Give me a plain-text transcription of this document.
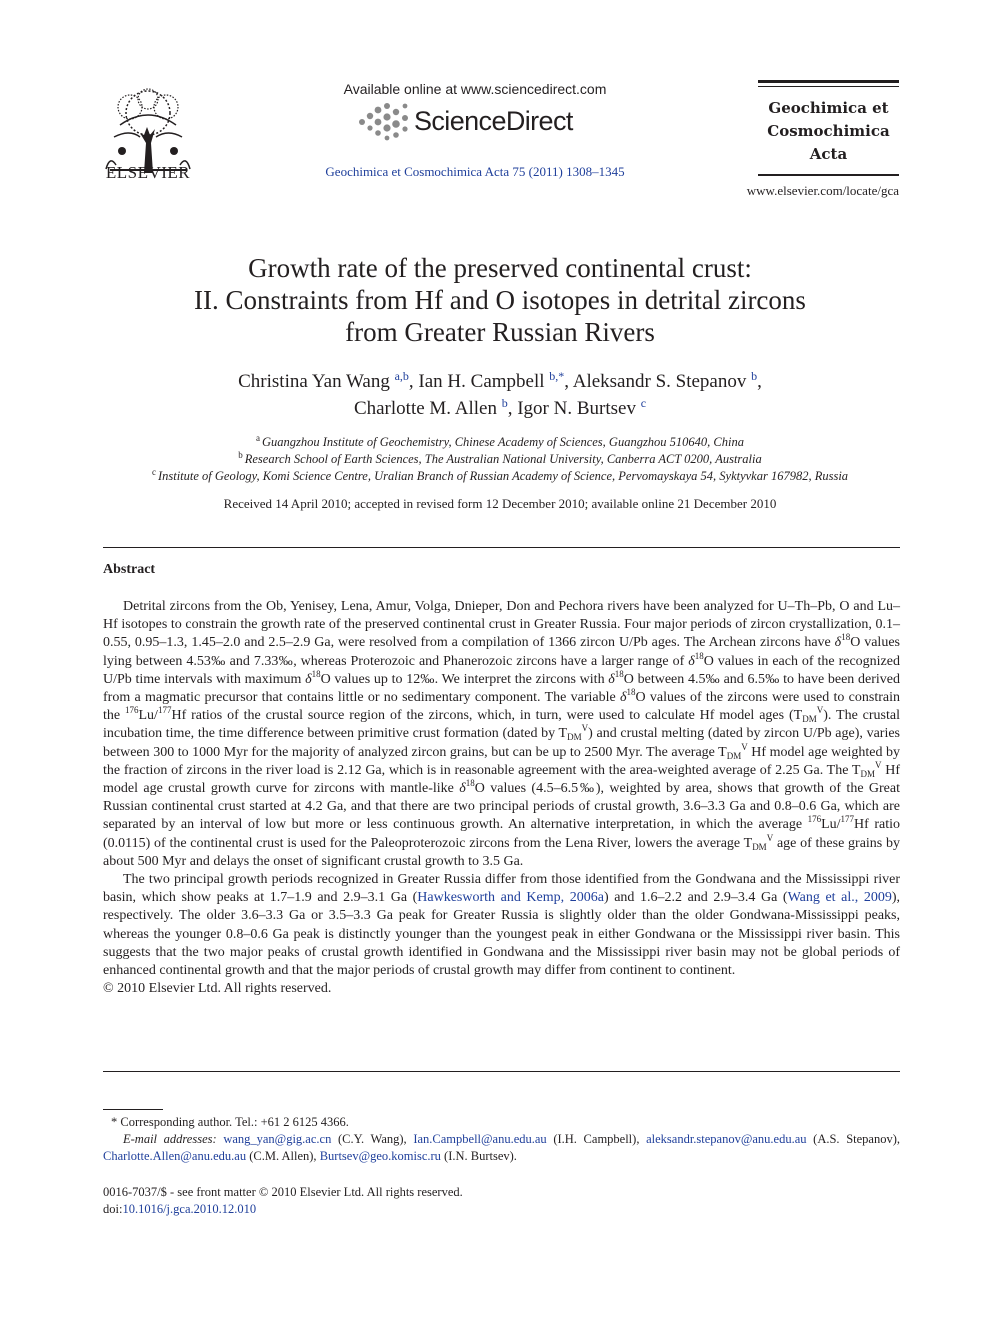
ELSEVIER
Available online at www.sciencedirect.com
ScienceDirect
Geochimica et Cosmochimica Acta 75 (2011) 1308–1345
Geochimica et
Cosmochimica
Acta
www.elsevier.com/locate/gca
Growth rate of the preserved continental crust:
II. Constraints from Hf and O isotopes in detrital zircons
from Greater Russian Rivers
Christina Yan Wang $^{a,b}$, Ian H. Campbell $^{b,*}$, Aleksandr S. Stepanov $^b$,
Charlotte M. Allen $^b$, Igor N. Burtsev $^c$
$^a$ Guangzhou Institute of Geochemistry, Chinese Academy of Sciences, Guangzhou 510640, China
$^b$ Research School of Earth Sciences, The Australian National University, Canberra ACT 0200, Australia
$^c$ Institute of Geology, Komi Science Centre, Uralian Branch of Russian Academy of Science, Pervomayskaya 54, Syktyvkar 167982, Russia
Received 14 April 2010; accepted in revised form 12 December 2010; available online 21 December 2010
Abstract

Detrital zircons from the Ob, Yenisey, Lena, Amur, Volga, Dnieper, Don and Pechora rivers have been analyzed for U–Th–Pb, O and Lu–Hf isotopes to constrain the growth rate of the preserved continental crust in Greater Russia. Four major periods of zircon crystallization, 0.1–0.55, 0.95–1.3, 1.45–2.0 and 2.5–2.9 Ga, were resolved from a compilation of 1366 zircon U/Pb ages. The Archean zircons have $\delta^{18}O$ values lying between 4.53‰ and 7.33‰, whereas Proterozoic and Phanerozoic zircons have a larger range of $\delta^{18}O$ values in each of the recognized U/Pb time intervals with maximum $\delta^{18}O$ values up to 12‰. We interpret the zircons with $\delta^{18}O$ between 4.5‰ and 6.5‰ to have been derived from a magmatic precursor that contains little or no sedimentary component. The variable $\delta^{18}O$ values of the zircons were used to constrain the $^{176}$Lu/$^{177}$Hf ratios of the crustal source region of the zircons, which, in turn, were used to calculate Hf model ages $(T_{DM}^V)$. The crustal incubation time, the time difference between primitive crust formation (dated by $T_{DM}^V$) and crustal melting (dated by zircon U/Pb age), varies between 300 to 1000 Myr for the majority of analyzed zircon grains, but can be up to 2500 Myr. The average $T_{DM}^V$ Hf model age weighted by the fraction of zircons in the river load is 2.12 Ga, which is in reasonable agreement with the area-weighted average of 2.25 Ga. The $T_{DM}^V$ Hf model age crustal growth curve for zircons with mantle-like $\delta^{18}O$ values (4.5–6.5‰), weighted by area, shows that growth of the Great Russian continental crust started at 4.2 Ga, and that there are two principal periods of crustal growth, 3.6–3.3 Ga and 0.8–0.6 Ga, which are separated by an interval of low but more or less continuous growth. An alternative interpretation, in which the average $^{176}$Lu/$^{177}$Hf ratio (0.0115) of the continental crust is used for the Paleoproterozoic zircons from the Lena River, lowers the average $T_{DM}^V$ age of these grains by about 500 Myr and delays the onset of significant crustal growth to 3.5 Ga.

The two principal growth periods recognized in Greater Russia differ from those identified from the Gondwana and the Mississippi river basin, which show peaks at 1.7–1.9 and 2.9–3.1 Ga (Hawkesworth and Kemp, 2006a) and 1.6–2.2 and 2.9–3.4 Ga (Wang et al., 2009), respectively. The older 3.6–3.3 Ga or 3.5–3.3 Ga peak for Greater Russia is slightly older than the older Gondwana-Mississippi peaks, whereas the younger 0.8–0.6 Ga peak is distinctly younger than the youngest peak in either Gondwana or the Mississippi river basin. This suggests that the two major peaks of crustal growth identified in Gondwana and the Mississippi river basin may not be global periods of enhanced continental growth and that the major periods of crustal growth may differ from continent to continent.

© 2010 Elsevier Ltd. All rights reserved.

* Corresponding author. Tel.: +61 2 6125 4366.

E-mail addresses: wang_yan@gig.ac.cn (C.Y. Wang), Ian.Campbell@anu.edu.au (I.H. Campbell), aleksandr.stepanov@anu.edu.au (A.S. Stepanov), Charlotte.Allen@anu.edu.au (C.M. Allen), Burtsev@geo.komisc.ru (I.N. Burtsev).

0016-7037/$ - see front matter © 2010 Elsevier Ltd. All rights reserved.
doi:10.1016/j.gca.2010.12.010
